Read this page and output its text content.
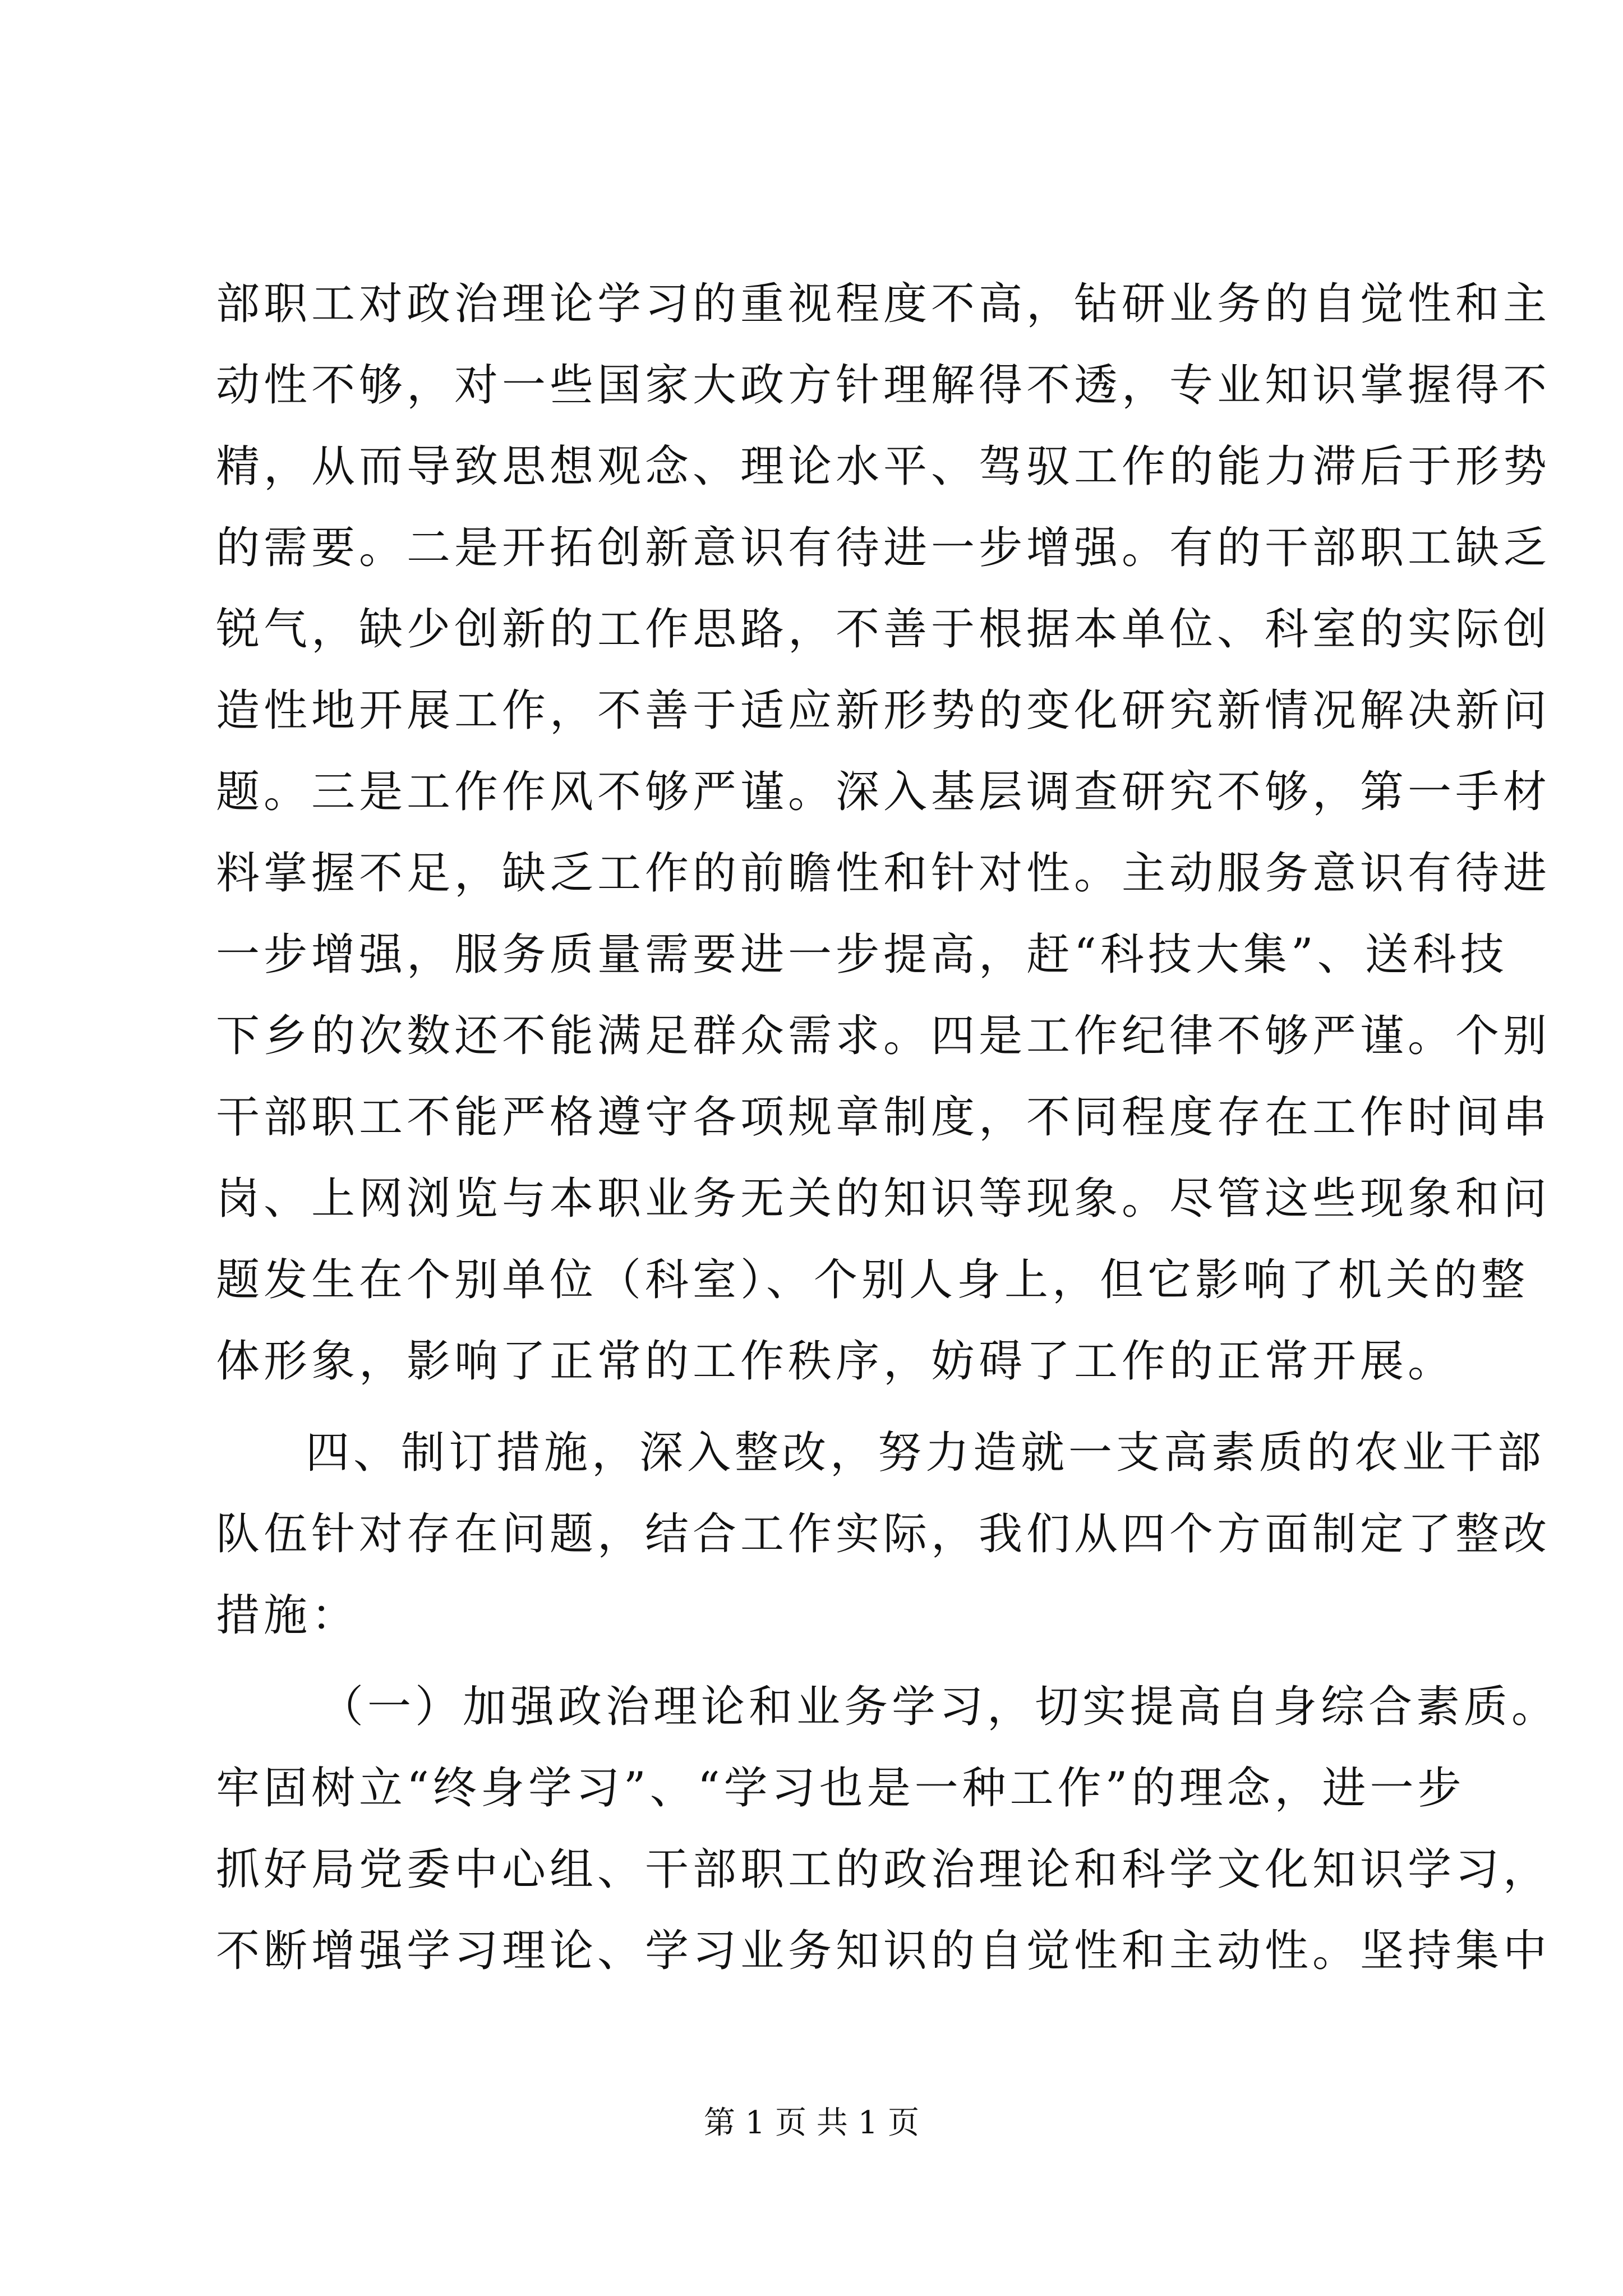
部职工对政治理论学习的重视程度不高，钻研业务的自觉性和主
动性不够，对一些国家大政方针理解得不透，专业知识掌握得不
精，从而导致思想观念、理论水平、驾驭工作的能力滞后于形势
的需要。二是开拓创新意识有待进一步增强。有的干部职工缺乏
锐气，缺少创新的工作思路，不善于根据本单位、科室的实际创
造性地开展工作，不善于适应新形势的变化研究新情况解决新问
题。三是工作作风不够严谨。深入基层调查研究不够，第一手材
料掌握不足，缺乏工作的前瞻性和针对性。主动服务意识有待进
一步增强，服务质量需要进一步提高，赶“科技大集”、送科技
下乡的次数还不能满足群众需求。四是工作纪律不够严谨。个别
干部职工不能严格遵守各项规章制度，不同程度存在工作时间串
岗、上网浏览与本职业务无关的知识等现象。尽管这些现象和问
题发生在个别单位（科室）、个别人身上，但它影响了机关的整
体形象，影响了正常的工作秩序，妨碍了工作的正常开展。
四、制订措施，深入整改，努力造就一支高素质的农业干部
队伍针对存在问题，结合工作实际，我们从四个方面制定了整改
措施：
（一）加强政治理论和业务学习，切实提高自身综合素质。
牢固树立“终身学习”、“学习也是一种工作”的理念，进一步
抓好局党委中心组、干部职工的政治理论和科学文化知识学习，
不断增强学习理论、学习业务知识的自觉性和主动性。坚持集中
第 1 页 共 1 页
